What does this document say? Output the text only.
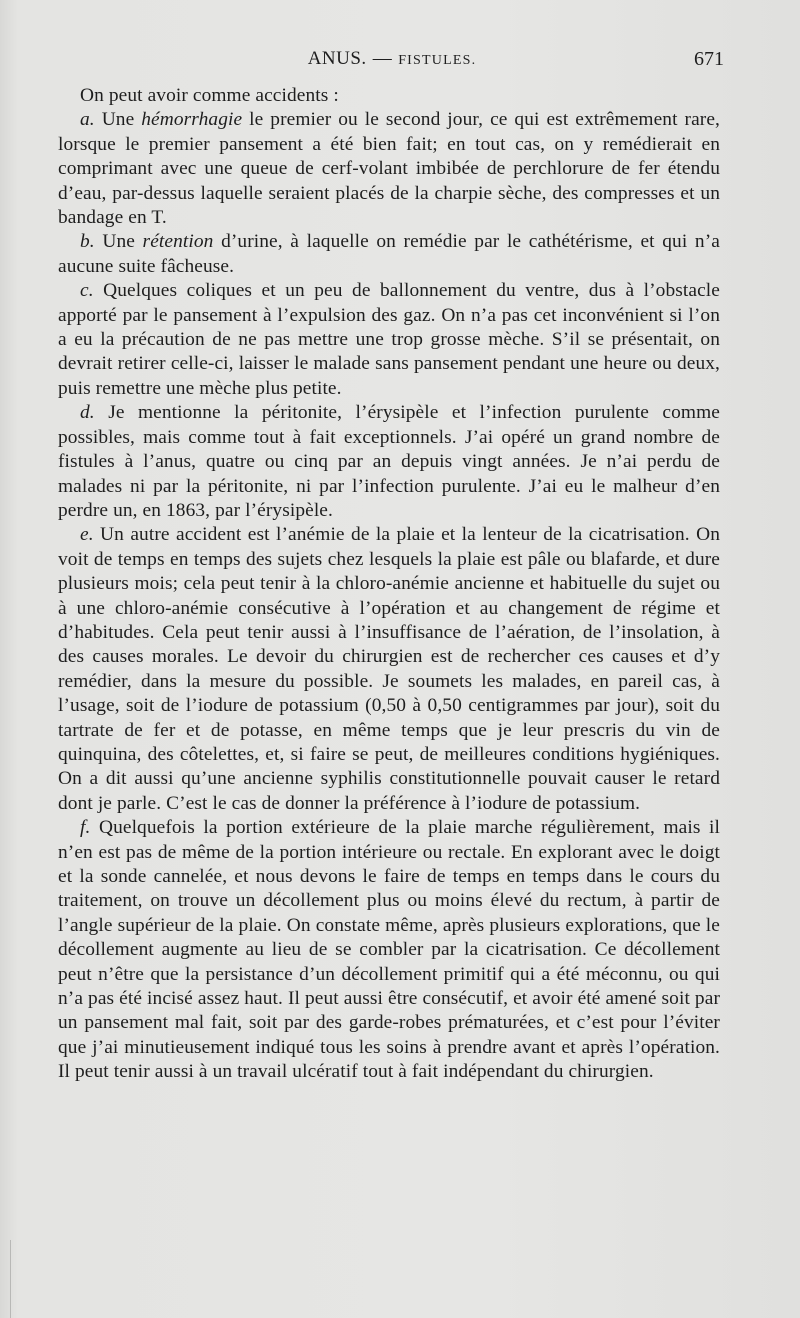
ANUS. — FISTULES.	671

On peut avoir comme accidents :

a. Une hémorrhagie le premier ou le second jour, ce qui est extrêmement rare, lorsque le premier pansement a été bien fait; en tout cas, on y remédierait en comprimant avec une queue de cerf-volant imbibée de perchlorure de fer étendu d’eau, par-dessus laquelle seraient placés de la charpie sèche, des compresses et un bandage en T.

b. Une rétention d’urine, à laquelle on remédie par le cathétérisme, et qui n’a aucune suite fâcheuse.

c. Quelques coliques et un peu de ballonnement du ventre, dus à l’obstacle apporté par le pansement à l’expulsion des gaz. On n’a pas cet inconvénient si l’on a eu la précaution de ne pas mettre une trop grosse mèche. S’il se présentait, on devrait retirer celle-ci, laisser le malade sans pansement pendant une heure ou deux, puis remettre une mèche plus petite.

d. Je mentionne la péritonite, l’érysipèle et l’infection purulente comme possibles, mais comme tout à fait exceptionnels. J’ai opéré un grand nombre de fistules à l’anus, quatre ou cinq par an depuis vingt années. Je n’ai perdu de malades ni par la péritonite, ni par l’infection purulente. J’ai eu le malheur d’en perdre un, en 1863, par l’érysipèle.

e. Un autre accident est l’anémie de la plaie et la lenteur de la cicatrisation. On voit de temps en temps des sujets chez lesquels la plaie est pâle ou blafarde, et dure plusieurs mois; cela peut tenir à la chloro-anémie ancienne et habituelle du sujet ou à une chloro-anémie consécutive à l’opération et au changement de régime et d’habitudes. Cela peut tenir aussi à l’insuffisance de l’aération, de l’insolation, à des causes morales. Le devoir du chirurgien est de rechercher ces causes et d’y remédier, dans la mesure du possible. Je soumets les malades, en pareil cas, à l’usage, soit de l’iodure de potassium (0,50 à 0,50 centigrammes par jour), soit du tartrate de fer et de potasse, en même temps que je leur prescris du vin de quinquina, des côtelettes, et, si faire se peut, de meilleures conditions hygiéniques. On a dit aussi qu’une ancienne syphilis constitutionnelle pouvait causer le retard dont je parle. C’est le cas de donner la préférence à l’iodure de potassium.

f. Quelquefois la portion extérieure de la plaie marche régulièrement, mais il n’en est pas de même de la portion intérieure ou rectale. En explorant avec le doigt et la sonde cannelée, et nous devons le faire de temps en temps dans le cours du traitement, on trouve un décollement plus ou moins élevé du rectum, à partir de l’angle supérieur de la plaie. On constate même, après plusieurs explorations, que le décollement augmente au lieu de se combler par la cicatrisation. Ce décollement peut n’être que la persistance d’un décollement primitif qui a été méconnu, ou qui n’a pas été incisé assez haut. Il peut aussi être consécutif, et avoir été amené soit par un pansement mal fait, soit par des garde-robes prématurées, et c’est pour l’éviter que j’ai minutieusement indiqué tous les soins à prendre avant et après l’opération. Il peut tenir aussi à un travail ulcératif tout à fait indépendant du chirurgien.
